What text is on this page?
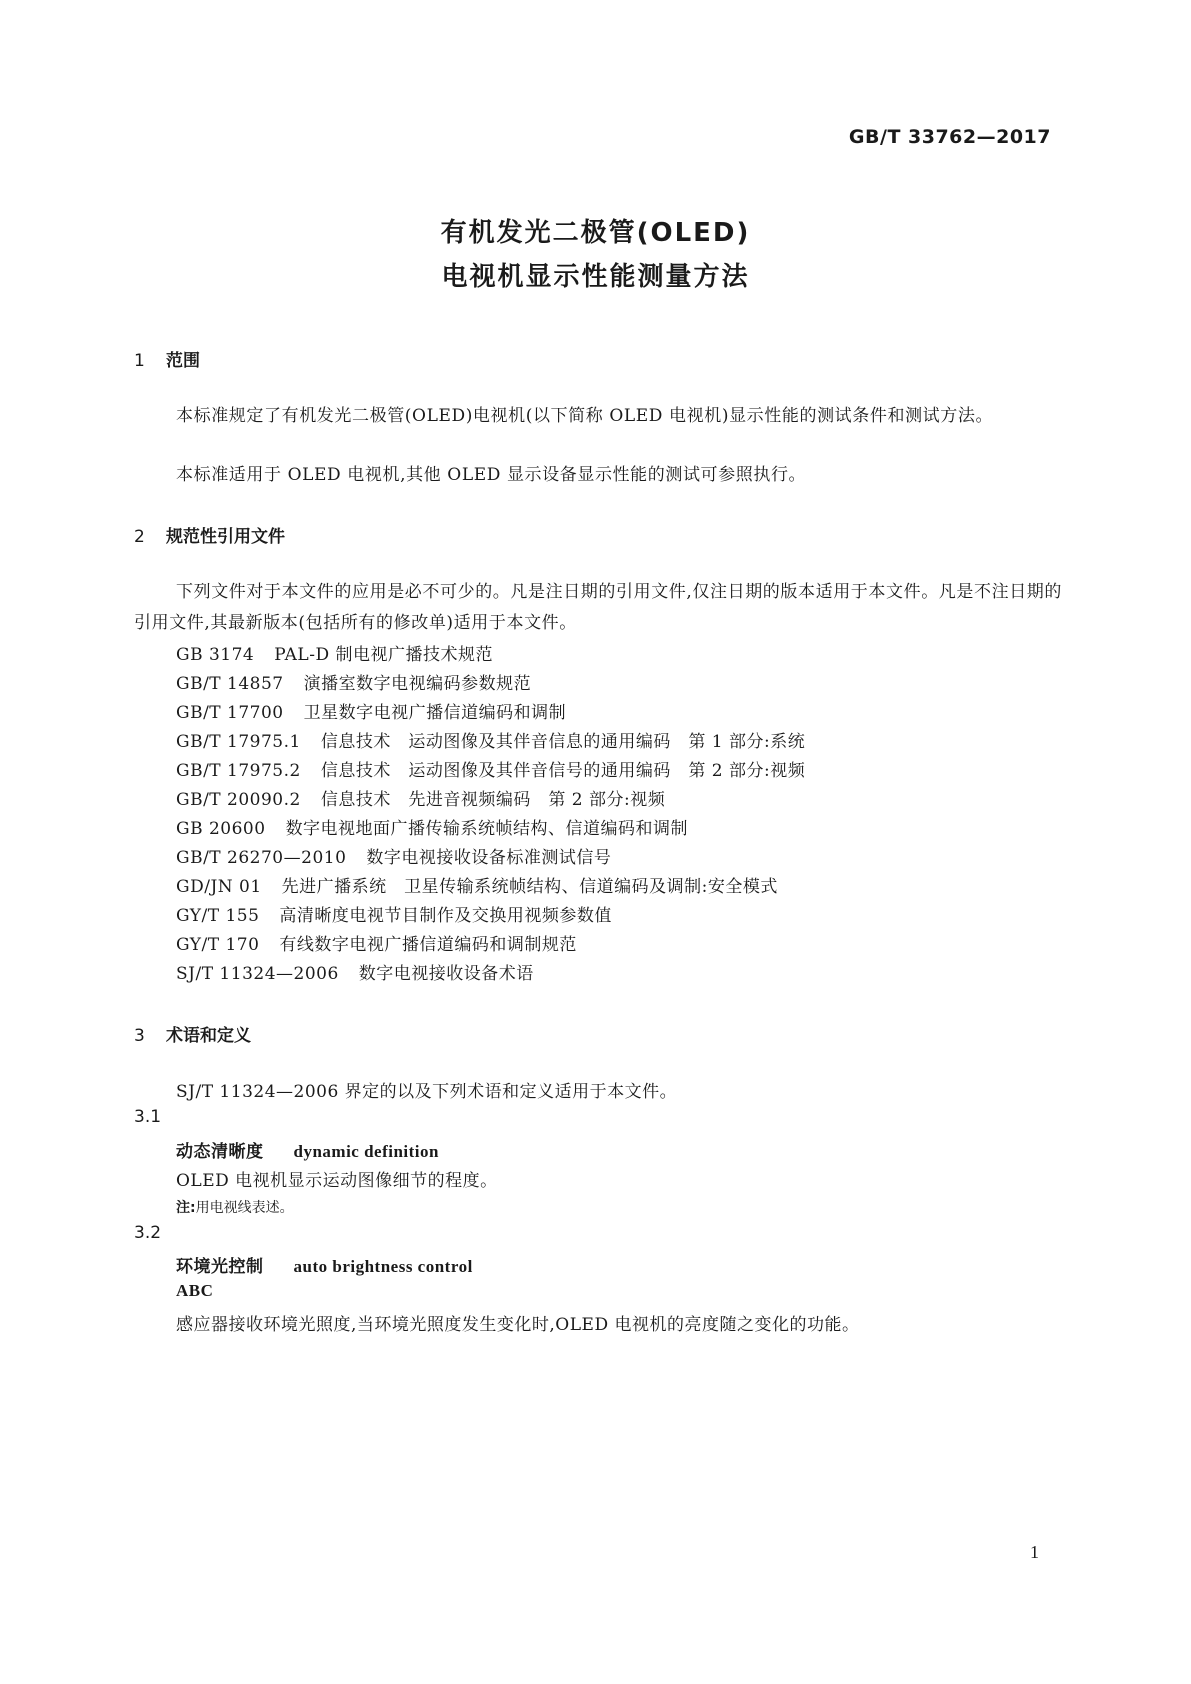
GB/T 33762—2017
有机发光二极管(OLED)
电视机显示性能测量方法
1 范围
本标准规定了有机发光二极管(OLED)电视机(以下简称 OLED 电视机)显示性能的测试条件和测试方法。
本标准适用于 OLED 电视机,其他 OLED 显示设备显示性能的测试可参照执行。
2 规范性引用文件
下列文件对于本文件的应用是必不可少的。凡是注日期的引用文件,仅注日期的版本适用于本文件。凡是不注日期的引用文件,其最新版本(包括所有的修改单)适用于本文件。
GB 3174 PAL-D 制电视广播技术规范
GB/T 14857 演播室数字电视编码参数规范
GB/T 17700 卫星数字电视广播信道编码和调制
GB/T 17975.1 信息技术　运动图像及其伴音信息的通用编码　第 1 部分:系统
GB/T 17975.2 信息技术　运动图像及其伴音信号的通用编码　第 2 部分:视频
GB/T 20090.2 信息技术　先进音视频编码　第 2 部分:视频
GB 20600 数字电视地面广播传输系统帧结构、信道编码和调制
GB/T 26270—2010 数字电视接收设备标准测试信号
GD/JN 01 先进广播系统　卫星传输系统帧结构、信道编码及调制:安全模式
GY/T 155 高清晰度电视节目制作及交换用视频参数值
GY/T 170 有线数字电视广播信道编码和调制规范
SJ/T 11324—2006 数字电视接收设备术语
3 术语和定义
SJ/T 11324—2006 界定的以及下列术语和定义适用于本文件。
3.1
动态清晰度 dynamic definition
OLED 电视机显示运动图像细节的程度。
注:用电视线表述。
3.2
环境光控制 auto brightness control
ABC
感应器接收环境光照度,当环境光照度发生变化时,OLED 电视机的亮度随之变化的功能。
1
